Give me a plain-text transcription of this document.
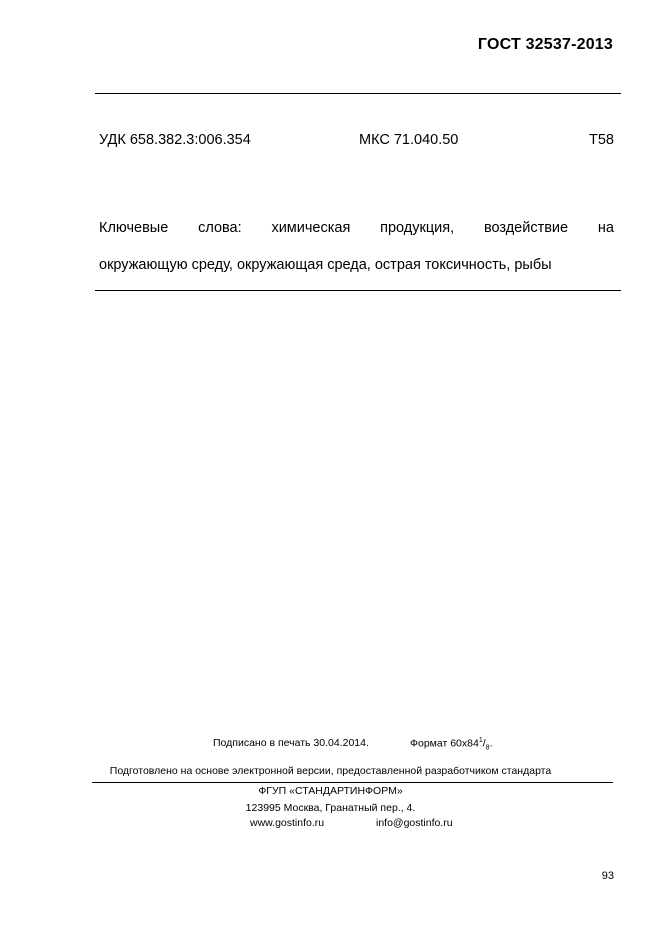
ГОСТ 32537-2013
УДК 658.382.3:006.354	МКС 71.040.50	Т58
Ключевые слова: химическая продукция, воздействие на
окружающую среду, окружающая среда, острая токсичность, рыбы
Подписано в печать 30.04.2014.	Формат $60x84^1/_8$.
Подготовлено на основе электронной версии, предоставленной разработчиком стандарта
ФГУП «СТАНДАРТИНФОРМ»
123995 Москва, Гранатный пер., 4.
www.gostinfo.ru	info@gostinfo.ru
93
